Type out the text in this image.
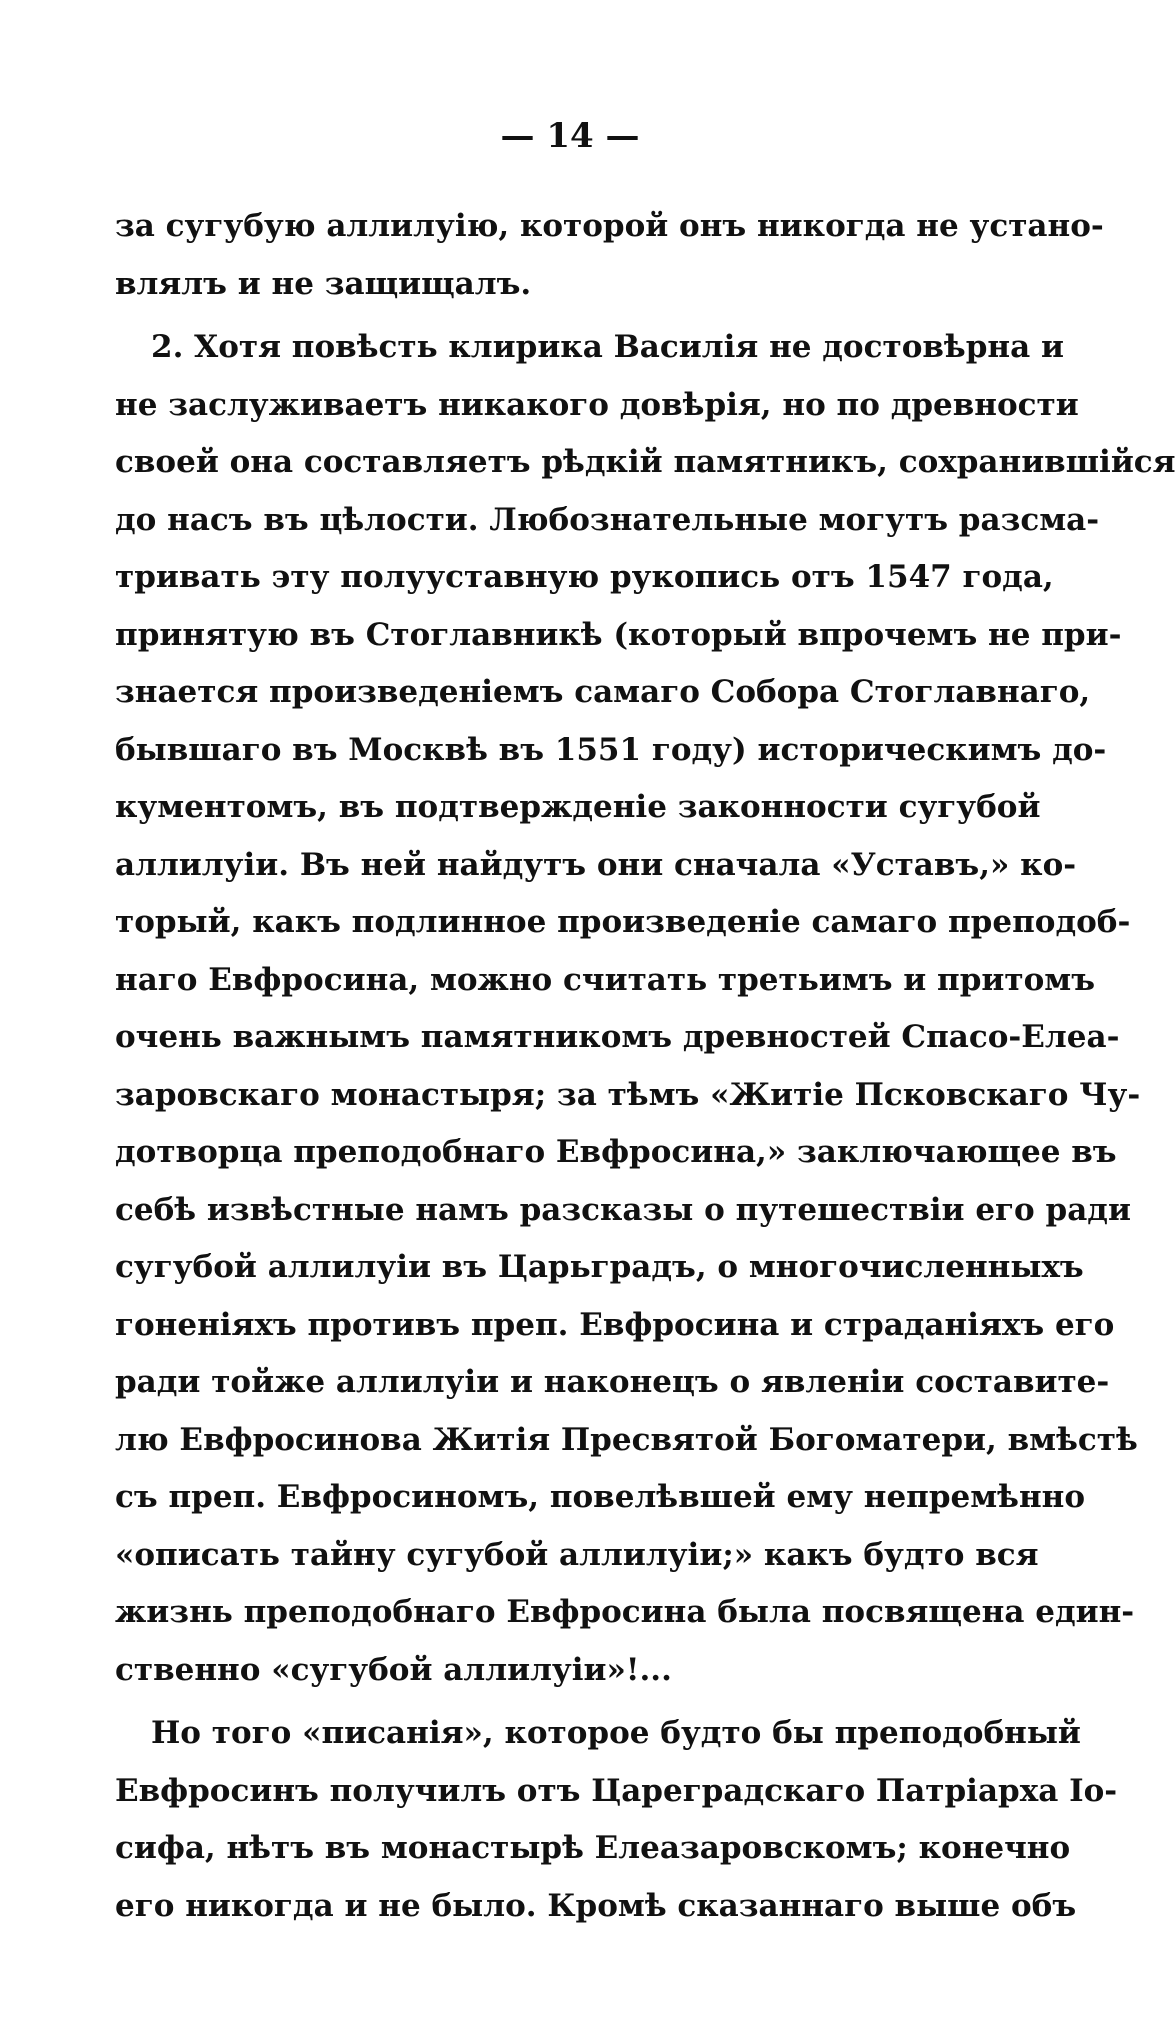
— 14 —
за сугубую аллилуію, которой онъ никогда не устано-
влялъ и не защищалъ.
2. Хотя повѣсть клирика Василія не достовѣрна и
не заслуживаетъ никакого довѣрія, но по древности
своей она составляетъ рѣдкій памятникъ, сохранившійся
до насъ въ цѣлости. Любознательные могутъ разсма-
тривать эту полууставную рукопись отъ 1547 года,
принятую въ Стоглавникѣ (который впрочемъ не при-
знается произведеніемъ самаго Собора Стоглавнаго,
бывшаго въ Москвѣ въ 1551 году) историческимъ до-
кументомъ, въ подтвержденіе законности сугубой
аллилуіи. Въ ней найдутъ они сначала «Уставъ,» ко-
торый, какъ подлинное произведеніе самаго преподоб-
наго Евфросина, можно считать третьимъ и притомъ
очень важнымъ памятникомъ древностей Спасо-Елеа-
заровскаго монастыря; за тѣмъ «Житіе Псковскаго Чу-
дотворца преподобнаго Евфросина,» заключающее въ
себѣ извѣстные намъ разсказы о путешествіи его ради
сугубой аллилуіи въ Царьградъ, о многочисленныхъ
гоненіяхъ противъ преп. Евфросина и страданіяхъ его
ради тойже аллилуіи и наконецъ о явленіи составите-
лю Евфросинова Житія Пресвятой Богоматери, вмѣстѣ
съ преп. Евфросиномъ, повелѣвшей ему непремѣнно
«описать тайну сугубой аллилуіи;» какъ будто вся
жизнь преподобнаго Евфросина была посвящена един-
ственно «сугубой аллилуіи»!...
Но того «писанія», которое будто бы преподобный
Евфросинъ получилъ отъ Цареградскаго Патріарха Іо-
сифа, нѣтъ въ монастырѣ Елеазаровскомъ; конечно
его никогда и не было. Кромѣ сказаннаго выше объ
